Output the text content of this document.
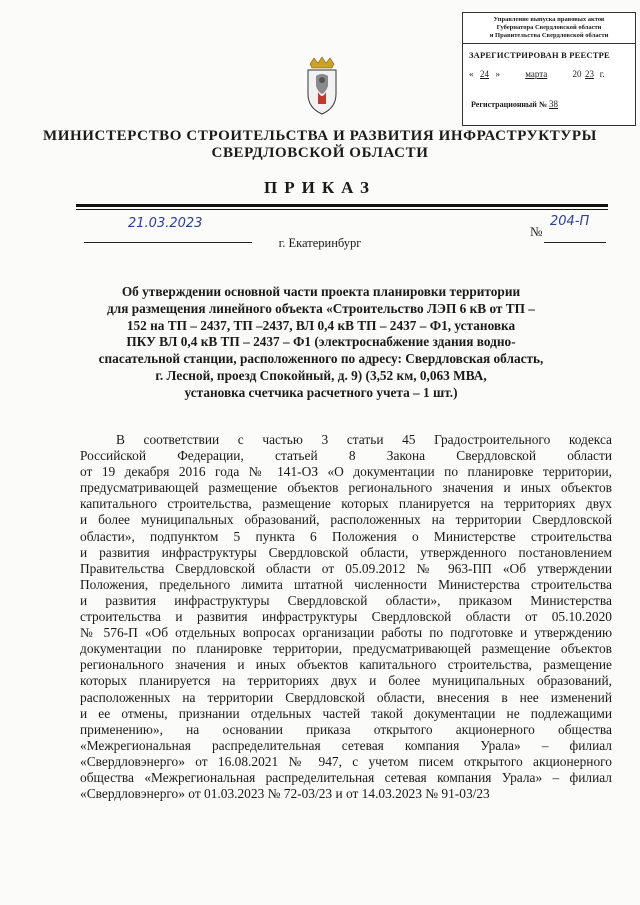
Управление выпуска правовых актов
Губернатора Свердловской области
и Правительства Свердловской области
ЗАРЕГИСТРИРОВАН В РЕЕСТРЕ
« 24 »	марта	20 23 г.
Регистрационный № 38
МИНИСТЕРСТВО СТРОИТЕЛЬСТВА И РАЗВИТИЯ ИНФРАСТРУКТУРЫ
СВЕРДЛОВСКОЙ ОБЛАСТИ
ПРИКАЗ
21.03.2023
№
204-П
г. Екатеринбург
Об утверждении основной части проекта планировки территории
для размещения линейного объекта «Строительство ЛЭП 6 кВ от ТП –
152 на ТП – 2437, ТП –2437, ВЛ 0,4 кВ ТП – 2437 – Ф1, установка
ПКУ ВЛ 0,4 кВ ТП – 2437 – Ф1 (электроснабжение здания водно-
спасательной станции, расположенного по адресу: Свердловская область,
г. Лесной, проезд Спокойный, д. 9) (3,52 км, 0,063 МВА,
установка счетчика расчетного учета – 1 шт.)
В соответствии с частью 3 статьи 45 Градостроительного кодекса
Российской Федерации, статьей 8 Закона Свердловской области
от 19 декабря 2016 года № 141-ОЗ «О документации по планировке территории,
предусматривающей размещение объектов регионального значения и иных объектов
капитального строительства, размещение которых планируется на территориях двух
и более муниципальных образований, расположенных на территории Свердловской
области», подпунктом 5 пункта 6 Положения о Министерстве строительства
и развития инфраструктуры Свердловской области, утвержденного постановлением
Правительства Свердловской области от 05.09.2012 № 963-ПП «Об утверждении
Положения, предельного лимита штатной численности Министерства строительства
и развития инфраструктуры Свердловской области», приказом Министерства
строительства и развития инфраструктуры Свердловской области от 05.10.2020
№ 576-П «Об отдельных вопросах организации работы по подготовке и утверждению
документации по планировке территории, предусматривающей размещение объектов
регионального значения и иных объектов капитального строительства, размещение
которых планируется на территориях двух и более муниципальных образований,
расположенных на территории Свердловской области, внесения в нее изменений
и ее отмены, признании отдельных частей такой документации не подлежащими
применению», на основании приказа открытого акционерного общества
«Межрегиональная распределительная сетевая компания Урала» – филиал
«Свердловэнерго» от 16.08.2021 № 947, с учетом писем открытого акционерного
общества «Межрегиональная распределительная сетевая компания Урала» – филиал
«Свердловэнерго» от 01.03.2023 № 72-03/23 и от 14.03.2023 № 91-03/23
